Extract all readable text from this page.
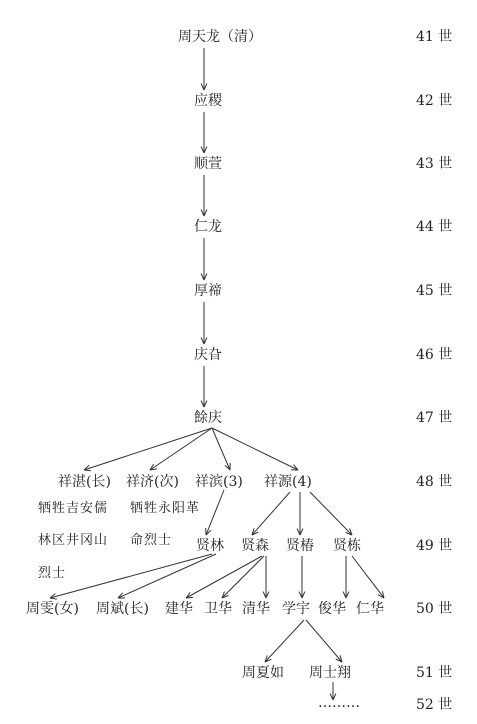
周天龙（清）
应稷
顺萱
仁龙
厚禘
庆旮
餘庆
祥湛(长) 祥济(次) 祥滨(3) 祥源(4)
牺牲吉安儒 牺牲永阳革
林区井冈山 命烈士
烈士
贤林 贤森 贤椿 贤栋
周雯(女) 周斌(长) 建华 卫华 清华 学宇 俊华 仁华
周夏如 周士翔
………
41 世
42 世
43 世
44 世
45 世
46 世
47 世
48 世
49 世
50 世
51 世
52 世
